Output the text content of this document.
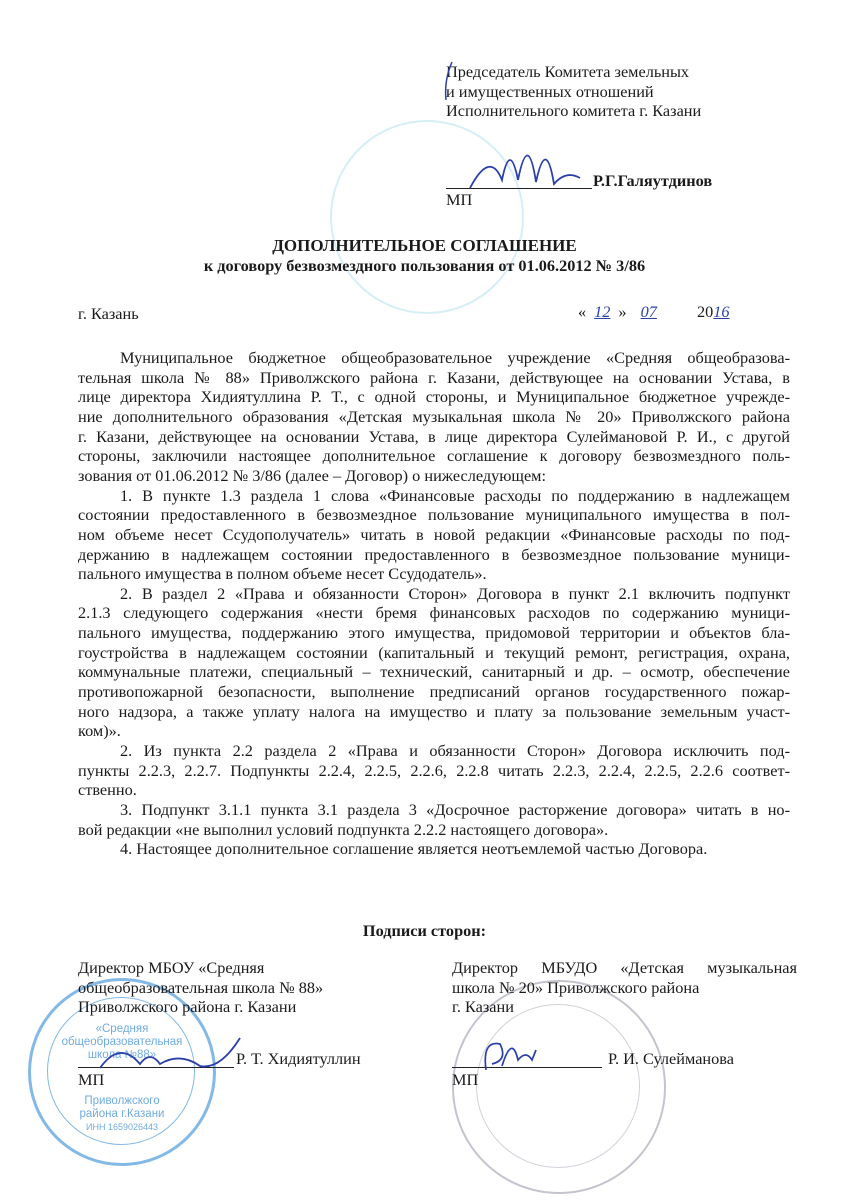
«Средняя
общеобразовательная
школа №88»
Приволжского
района г.Казани
ИНН 1659026443
Председатель Комитета земельных
и имущественных отношений
Исполнительного комитета г. Казани
Р.Г.Галяутдинов
МП
ДОПОЛНИТЕЛЬНОЕ СОГЛАШЕНИЕ
к договору безвозмездного пользования от 01.06.2012 № 3/86
г. Казань	« 12 » 07 2016
Муниципальное бюджетное общеобразовательное учреждение «Средняя общеобразова-
тельная школа № 88» Приволжского района г. Казани, действующее на основании Устава, в
лице директора Хидиятуллина Р. Т., с одной стороны, и Муниципальное бюджетное учрежде-
ние дополнительного образования «Детская музыкальная школа № 20» Приволжского района
г. Казани, действующее на основании Устава, в лице директора Сулеймановой Р. И., с другой
стороны, заключили настоящее дополнительное соглашение к договору безвозмездного поль-
зования от 01.06.2012 № 3/86 (далее – Договор) о нижеследующем:
1. В пункте 1.3 раздела 1 слова «Финансовые расходы по поддержанию в надлежащем
состоянии предоставленного в безвозмездное пользование муниципального имущества в пол-
ном объеме несет Ссудополучатель» читать в новой редакции «Финансовые расходы по под-
держанию в надлежащем состоянии предоставленного в безвозмездное пользование муници-
пального имущества в полном объеме несет Ссудодатель».
2. В раздел 2 «Права и обязанности Сторон» Договора в пункт 2.1 включить подпункт
2.1.3 следующего содержания «нести бремя финансовых расходов по содержанию муници-
пального имущества, поддержанию этого имущества, придомовой территории и объектов бла-
гоустройства в надлежащем состоянии (капитальный и текущий ремонт, регистрация, охрана,
коммунальные платежи, специальный – технический, санитарный и др. – осмотр, обеспечение
противопожарной безопасности, выполнение предписаний органов государственного пожар-
ного надзора, а также уплату налога на имущество и плату за пользование земельным участ-
ком)».
2. Из пункта 2.2 раздела 2 «Права и обязанности Сторон» Договора исключить под-
пункты 2.2.3, 2.2.7. Подпункты 2.2.4, 2.2.5, 2.2.6, 2.2.8 читать 2.2.3, 2.2.4, 2.2.5, 2.2.6 соответ-
ственно.
3. Подпункт 3.1.1 пункта 3.1 раздела 3 «Досрочное расторжение договора» читать в но-
вой редакции «не выполнил условий подпункта 2.2.2 настоящего договора».
4. Настоящее дополнительное соглашение является неотъемлемой частью Договора.
Подписи сторон:
Директор МБОУ «Средняя
общеобразовательная школа № 88»
Приволжского района г. Казани
Р. Т. Хидиятуллин
МП
Директор МБУДО «Детская музыкальная
школа № 20» Приволжского района
г. Казани
Р. И. Сулейманова
МП
